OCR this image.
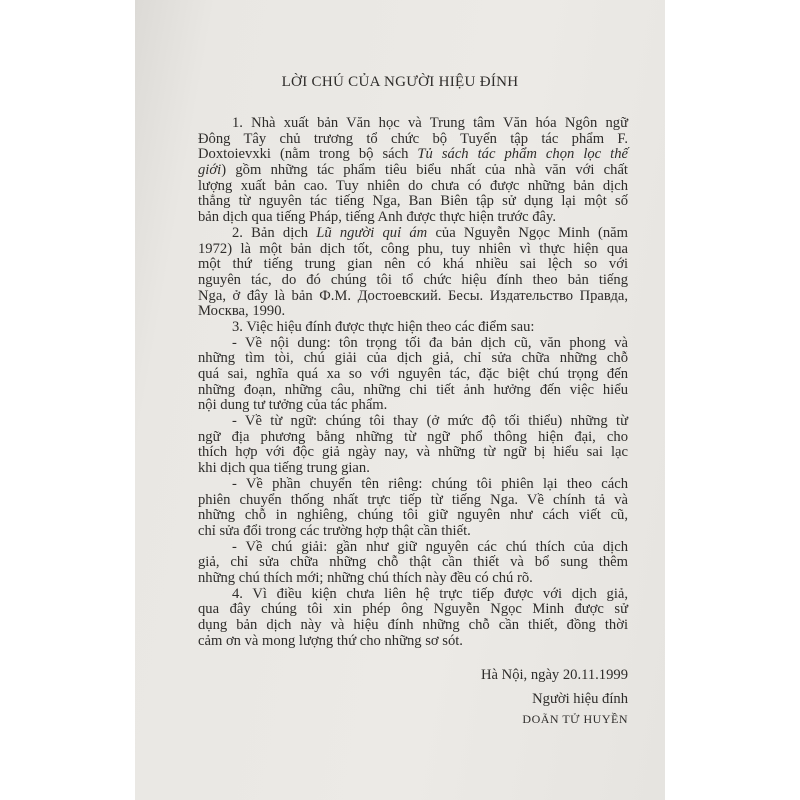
LỜI CHÚ CỦA NGƯỜI HIỆU ĐÍNH
1. Nhà xuất bản Văn học và Trung tâm Văn hóa Ngôn ngữ
Đông Tây chủ trương tổ chức bộ Tuyển tập tác phẩm F.
Doxtoievxki (nằm trong bộ sách Tủ sách tác phẩm chọn lọc thế
giới) gồm những tác phẩm tiêu biểu nhất của nhà văn với chất
lượng xuất bản cao. Tuy nhiên do chưa có được những bản dịch
thẳng từ nguyên tác tiếng Nga, Ban Biên tập sử dụng lại một số
bản dịch qua tiếng Pháp, tiếng Anh được thực hiện trước đây.
2. Bản dịch Lũ người quỉ ám của Nguyễn Ngọc Minh (năm
1972) là một bản dịch tốt, công phu, tuy nhiên vì thực hiện qua
một thứ tiếng trung gian nên có khá nhiều sai lệch so với
nguyên tác, do đó chúng tôi tổ chức hiệu đính theo bản tiếng
Nga, ở đây là bản Ф.М. Достоевский. Бесы. Издательство Правда,
Москва, 1990.
3. Việc hiệu đính được thực hiện theo các điểm sau:
- Về nội dung: tôn trọng tối đa bản dịch cũ, văn phong và
những tìm tòi, chú giải của dịch giả, chỉ sửa chữa những chỗ
quá sai, nghĩa quá xa so với nguyên tác, đặc biệt chú trọng đến
những đoạn, những câu, những chi tiết ảnh hưởng đến việc hiểu
nội dung tư tưởng của tác phẩm.
- Về từ ngữ: chúng tôi thay (ở mức độ tối thiểu) những từ
ngữ địa phương bằng những từ ngữ phổ thông hiện đại, cho
thích hợp với độc giả ngày nay, và những từ ngữ bị hiểu sai lạc
khi dịch qua tiếng trung gian.
- Về phần chuyển tên riêng: chúng tôi phiên lại theo cách
phiên chuyển thống nhất trực tiếp từ tiếng Nga. Về chính tả và
những chỗ in nghiêng, chúng tôi giữ nguyên như cách viết cũ,
chỉ sửa đổi trong các trường hợp thật cần thiết.
- Về chú giải: gần như giữ nguyên các chú thích của dịch
giả, chỉ sửa chữa những chỗ thật cần thiết và bổ sung thêm
những chú thích mới; những chú thích này đều có chú rõ.
4. Vì điều kiện chưa liên hệ trực tiếp được với dịch giả,
qua đây chúng tôi xin phép ông Nguyễn Ngọc Minh được sử
dụng bản dịch này và hiệu đính những chỗ cần thiết, đồng thời
cảm ơn và mong lượng thứ cho những sơ sót.
Hà Nội, ngày 20.11.1999
Người hiệu đính
DOÃN TỬ HUYỀN
